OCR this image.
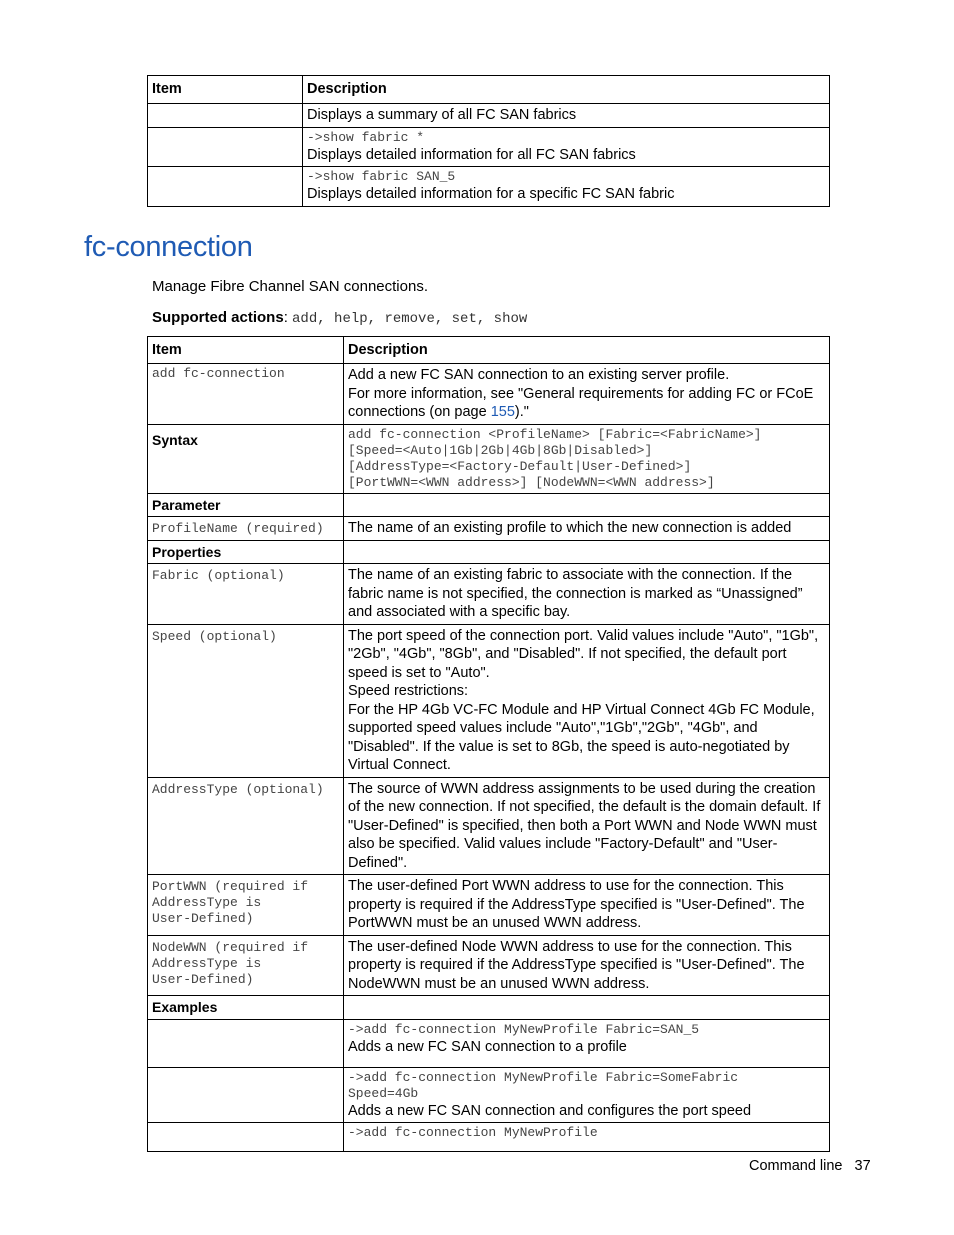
Item	Description

	Displays a summary of all FC SAN fabrics

	->show fabric *
Displays detailed information for all FC SAN fabrics

	->show fabric SAN_5
Displays detailed information for a specific FC SAN fabric
fc-connection

Manage Fibre Channel SAN connections.

Supported actions: add, help, remove, set, show

Item	Description
add fc-connection	Add a new FC SAN connection to an existing server profile.
For more information, see "General requirements for adding FC or FCoE connections (on page 155)."
Syntax	add fc-connection <ProfileName> [Fabric=<FabricName>]
[Speed=<Auto|1Gb|2Gb|4Gb|8Gb|Disabled>]
[AddressType=<Factory-Default|User-Defined>]
[PortWWN=<WWN address>] [NodeWWN=<WWN address>]

Parameter	
ProfileName (required)	The name of an existing profile to which the new connection is added
Properties	
Fabric (optional)	The name of an existing fabric to associate with the connection. If the fabric name is not specified, the connection is marked as “Unassigned” and associated with a specific bay.
Speed (optional)	The port speed of the connection port. Valid values include "Auto", "1Gb", "2Gb", "4Gb", "8Gb", and "Disabled". If not specified, the default port speed is set to "Auto".
Speed restrictions:
For the HP 4Gb VC-FC Module and HP Virtual Connect 4Gb FC Module, supported speed values include "Auto","1Gb","2Gb", "4Gb", and "Disabled". If the value is set to 8Gb, the speed is auto-negotiated by Virtual Connect.
AddressType (optional)	The source of WWN address assignments to be used during the creation of the new connection. If not specified, the default is the domain default. If "User-Defined" is specified, then both a Port WWN and Node WWN must also be specified. Valid values include "Factory-Default" and "User-Defined".
PortWWN (required if
AddressType is
User-Defined)	The user-defined Port WWN address to use for the connection. This property is required if the AddressType specified is "User-Defined". The PortWWN must be an unused WWN address.
NodeWWN (required if
AddressType is
User-Defined)	The user-defined Node WWN address to use for the connection. This property is required if the AddressType specified is "User-Defined". The NodeWWN must be an unused WWN address.
Examples	

	->add fc-connection MyNewProfile Fabric=SAN_5
Adds a new FC SAN connection to a profile

	->add fc-connection MyNewProfile Fabric=SomeFabric
Speed=4Gb
Adds a new FC SAN connection and configures the port speed

	->add fc-connection MyNewProfile
Command line 37
